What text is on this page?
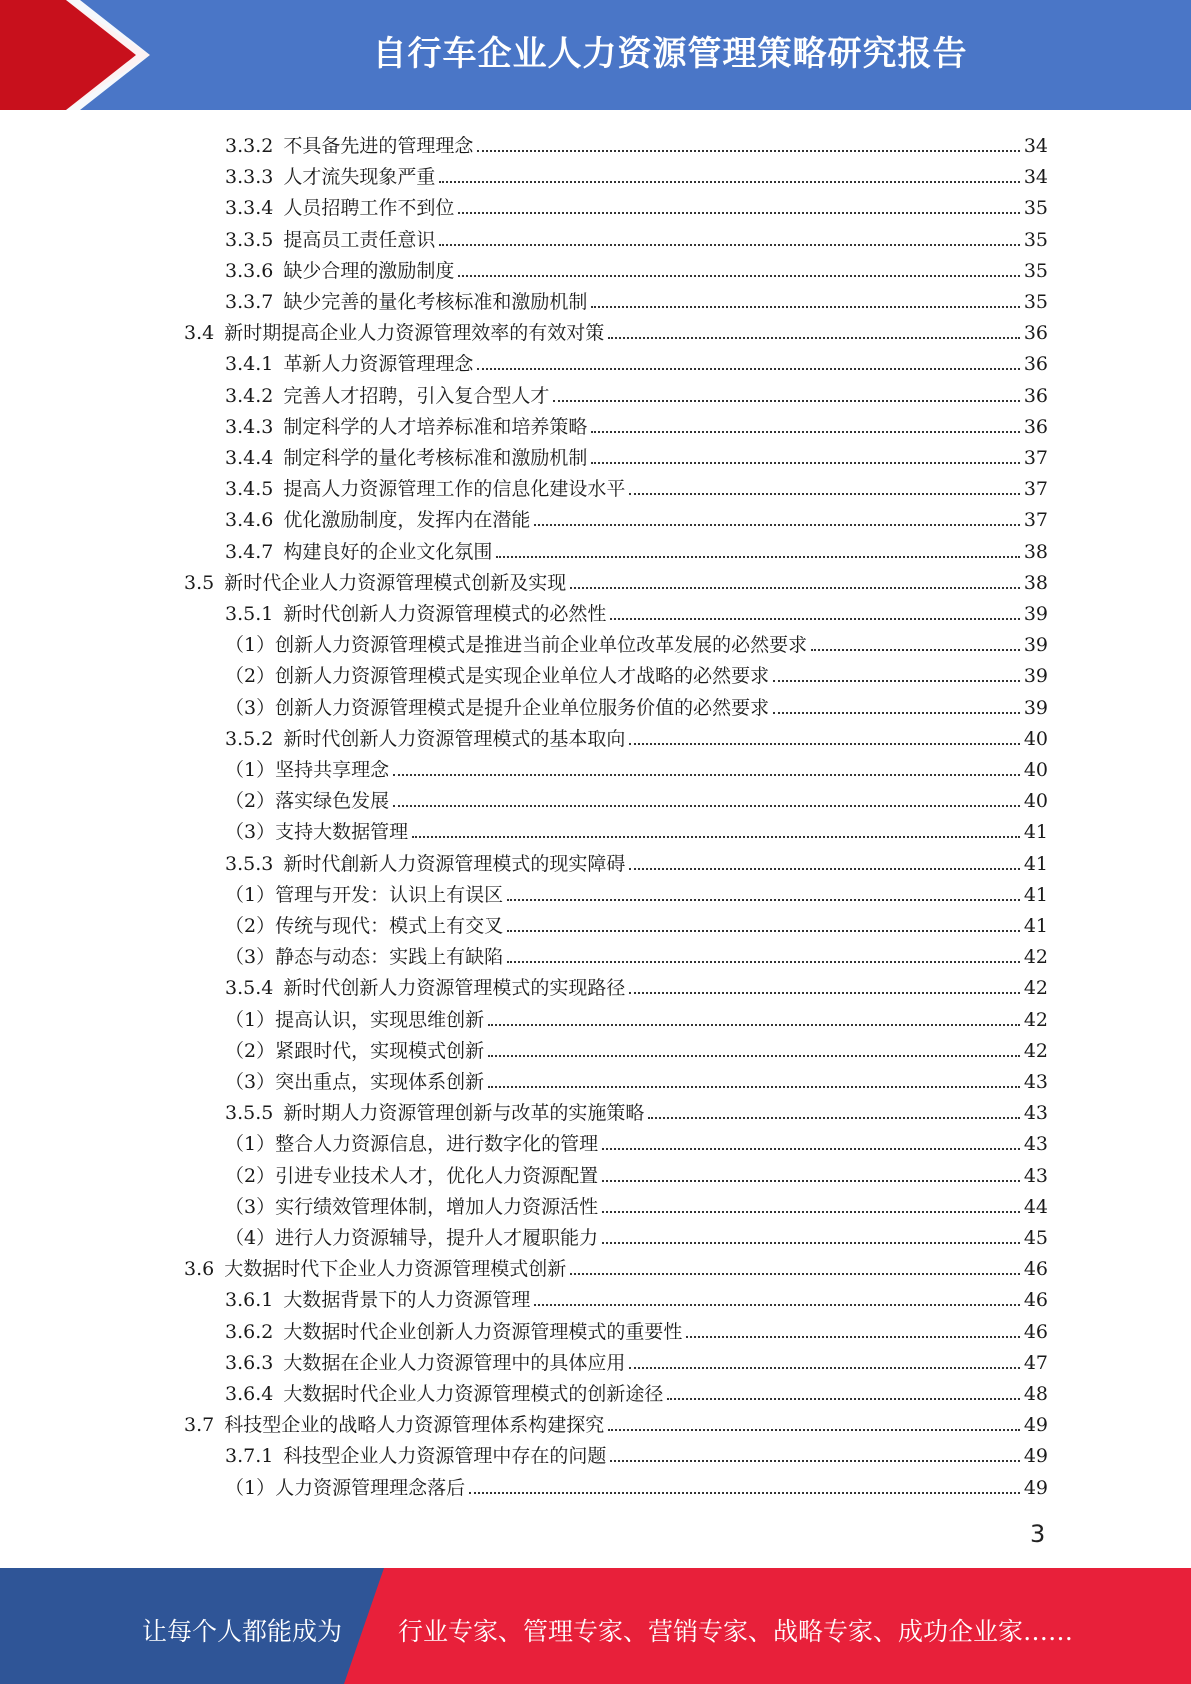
自行车企业人力资源管理策略研究报告
3.3.2 不具备先进的管理理念	34
3.3.3 人才流失现象严重	34
3.3.4 人员招聘工作不到位	35
3.3.5 提高员工责任意识	35
3.3.6 缺少合理的激励制度	35
3.3.7 缺少完善的量化考核标准和激励机制	35
3.4 新时期提高企业人力资源管理效率的有效对策	36
3.4.1 革新人力资源管理理念	36
3.4.2 完善人才招聘，引入复合型人才	36
3.4.3 制定科学的人才培养标准和培养策略	36
3.4.4 制定科学的量化考核标准和激励机制	37
3.4.5 提高人力资源管理工作的信息化建设水平	37
3.4.6 优化激励制度，发挥内在潜能	37
3.4.7 构建良好的企业文化氛围	38
3.5 新时代企业人力资源管理模式创新及实现	38
3.5.1 新时代创新人力资源管理模式的必然性	39
（1） 创新人力资源管理模式是推进当前企业单位改革发展的必然要求	39
（2） 创新人力资源管理模式是实现企业单位人才战略的必然要求	39
（3） 创新人力资源管理模式是提升企业单位服务价值的必然要求	39
3.5.2 新时代创新人力资源管理模式的基本取向	40
（1） 坚持共享理念	40
（2） 落实绿色发展	40
（3） 支持大数据管理	41
3.5.3 新时代創新人力资源管理模式的现实障碍	41
（1） 管理与开发：认识上有误区	41
（2） 传统与现代：模式上有交叉	41
（3） 静态与动态：实践上有缺陷	42
3.5.4 新时代创新人力资源管理模式的实现路径	42
（1） 提高认识，实现思维创新	42
（2） 紧跟时代，实现模式创新	42
（3） 突出重点，实现体系创新	43
3.5.5 新时期人力资源管理创新与改革的实施策略	43
（1） 整合人力资源信息，进行数字化的管理	43
（2） 引进专业技术人才，优化人力资源配置	43
（3） 实行绩效管理体制，增加人力资源活性	44
（4） 进行人力资源辅导，提升人才履职能力	45
3.6 大数据时代下企业人力资源管理模式创新	46
3.6.1 大数据背景下的人力资源管理	46
3.6.2 大数据时代企业创新人力资源管理模式的重要性	46
3.6.3 大数据在企业人力资源管理中的具体应用	47
3.6.4 大数据时代企业人力资源管理模式的创新途径	48
3.7 科技型企业的战略人力资源管理体系构建探究	49
3.7.1 科技型企业人力资源管理中存在的问题	49
（1） 人力资源管理理念落后	49
3
让每个人都能成为 行业专家、管理专家、营销专家、战略专家、成功企业家……
